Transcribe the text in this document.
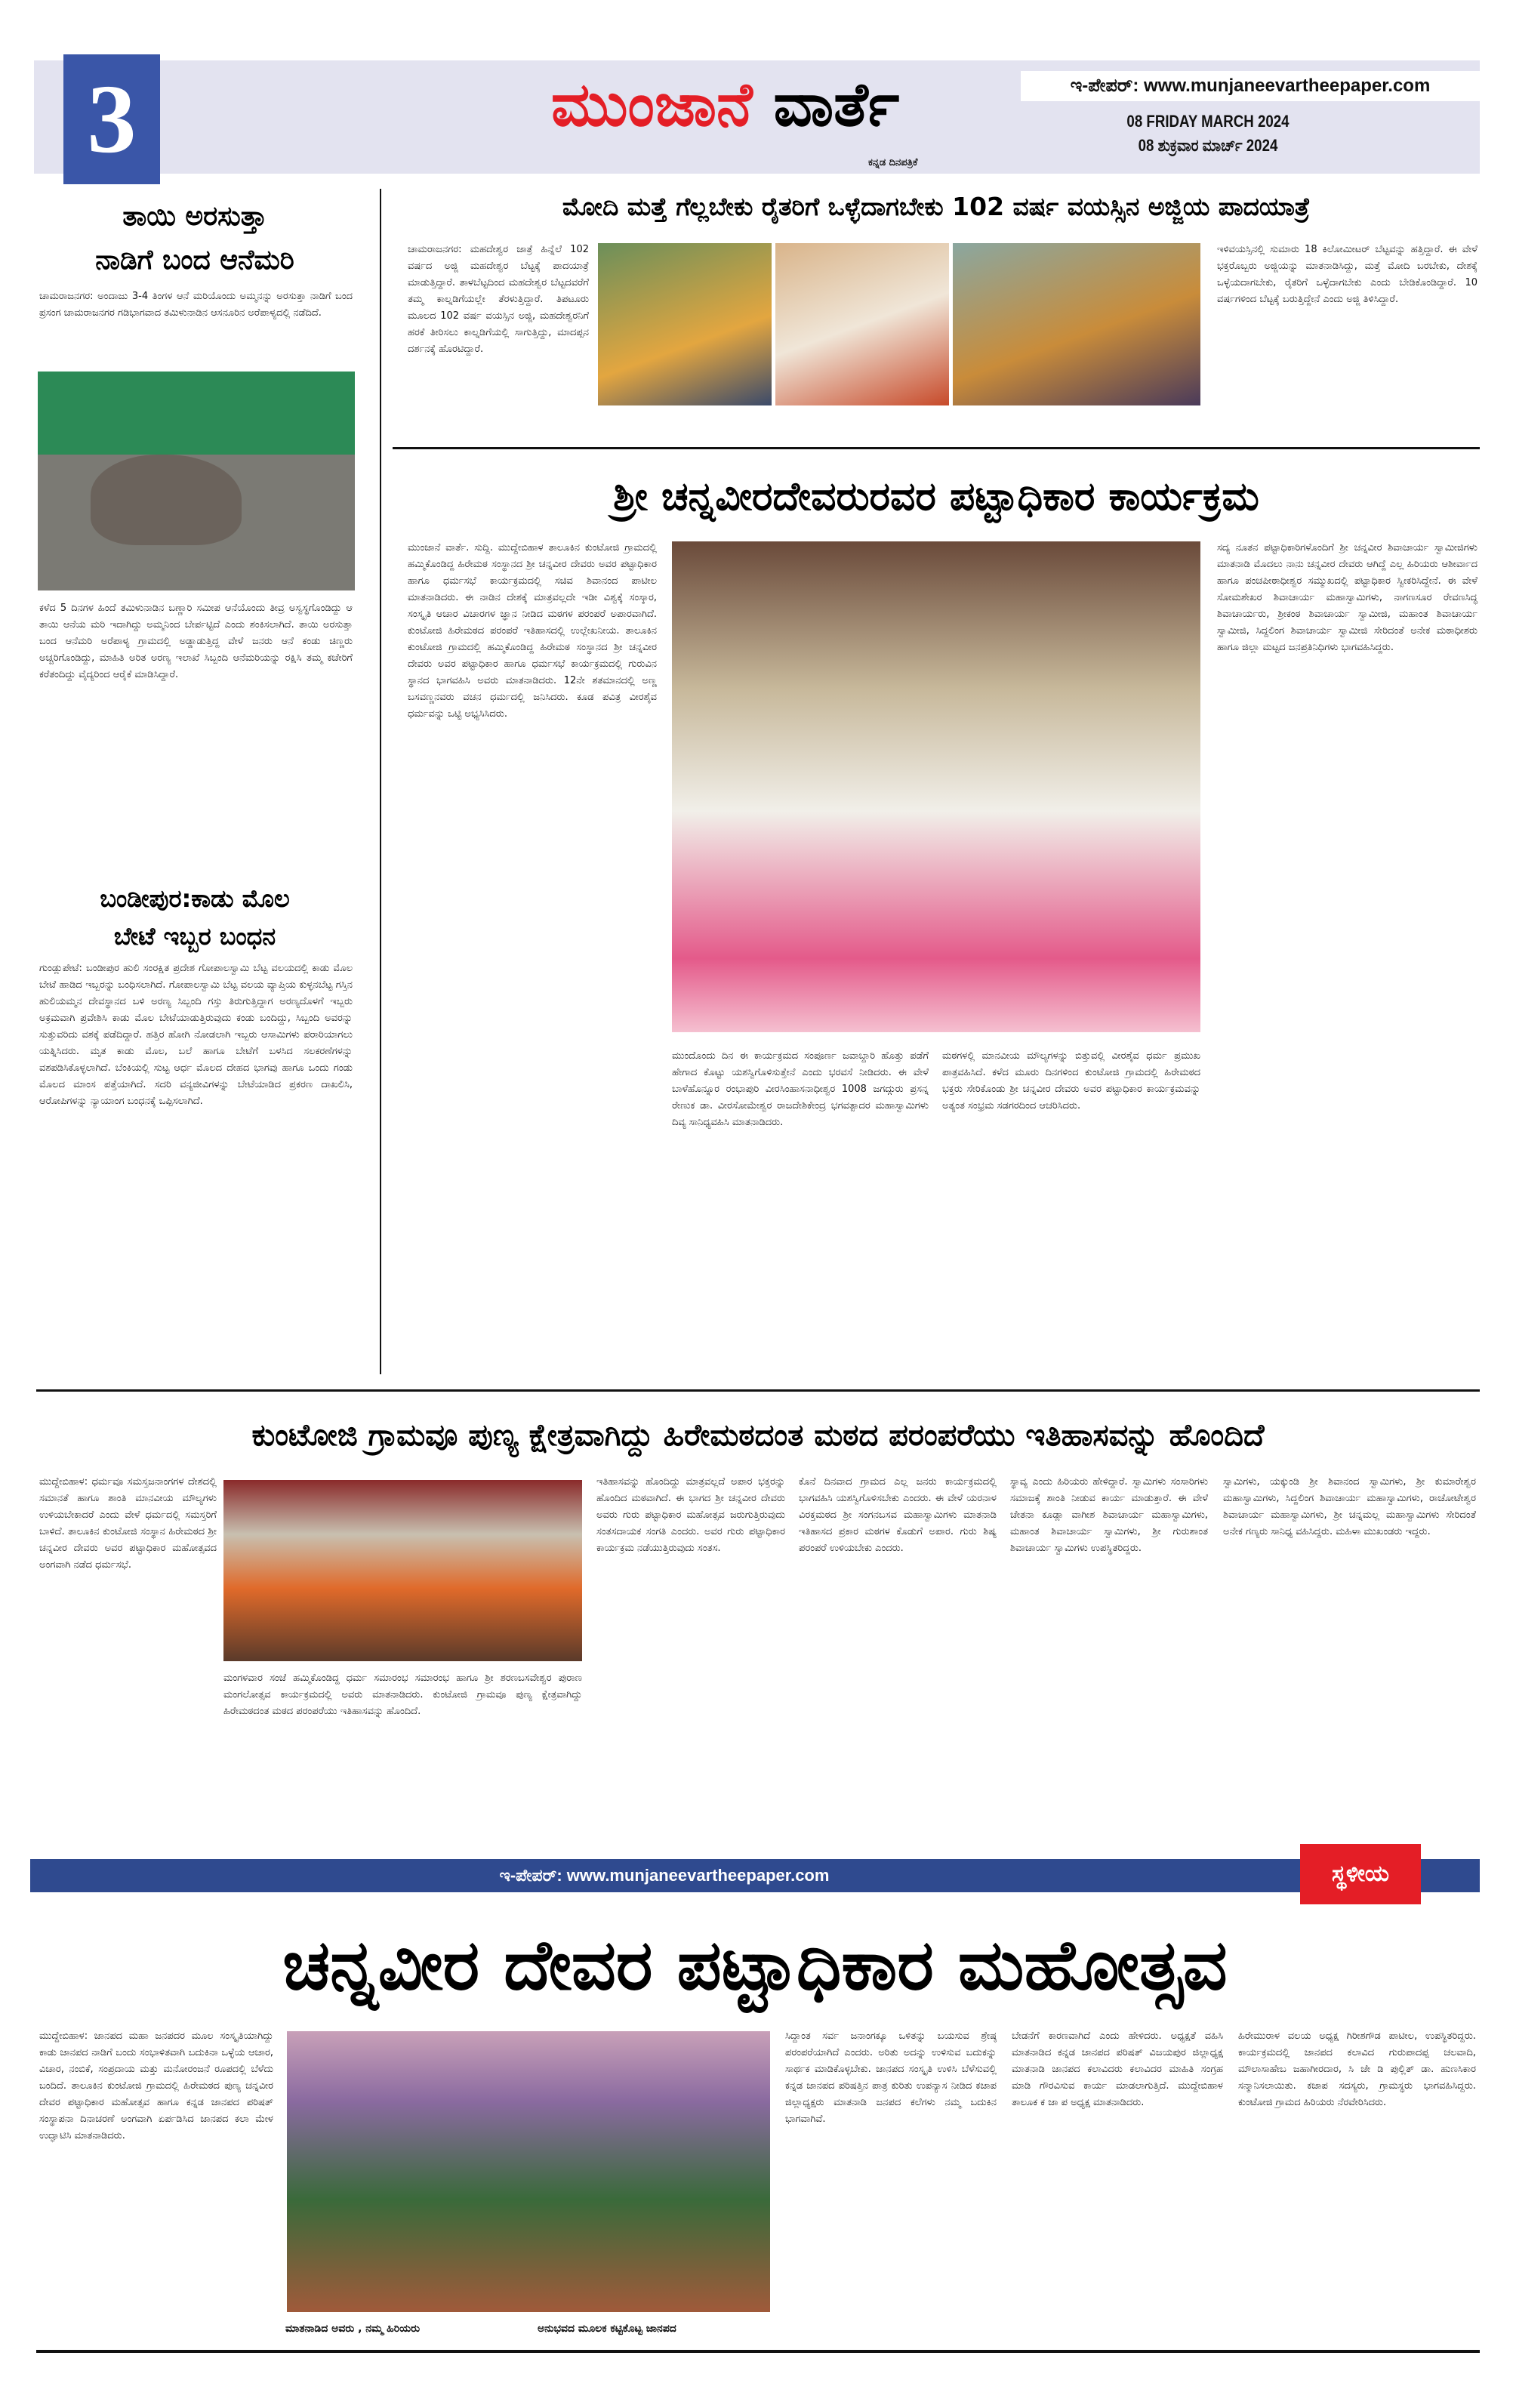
3	ಮುಂಜಾನೆ ವಾರ್ತೆ
ಕನ್ನಡ ದಿನಪತ್ರಿಕೆ
ಇ-ಪೇಪರ್: www.munjaneevartheepaper.com
08 FRIDAY MARCH 2024
08 ಶುಕ್ರವಾರ ಮಾರ್ಚ್ 2024
ತಾಯಿ ಅರಸುತ್ತಾ
ನಾಡಿಗೆ ಬಂದ ಆನೆಮರಿ
ಚಾಮರಾಜನಗರ: ಅಂದಾಜು 3-4 ತಿಂಗಳ ಆನೆ ಮರಿಯೊಂದು ಅಮ್ಮನನ್ನು ಅರಸುತ್ತಾ ನಾಡಿಗೆ ಬಂದ ಪ್ರಸಂಗ ಚಾಮರಾಜನಗರ ಗಡಿಭಾಗವಾದ ತಮಿಳುನಾಡಿನ ಆಸನೂರಿನ ಅರೆಪಾಳ್ಯದಲ್ಲಿ ನಡೆದಿದೆ.
ಕಳೆದ 5 ದಿನಗಳ ಹಿಂದೆ ತಮಿಳುನಾಡಿನ ಬಣ್ಣಾರಿ ಸಮೀಪ ಆನೆಯೊಂದು ತೀವ್ರ ಅಸ್ವಸ್ಥಗೊಂಡಿದ್ದು ಆ ತಾಯಿ ಆನೆಯ ಮರಿ ಇದಾಗಿದ್ದು ಅಮ್ಮನಿಂದ ಬೇರ್ಪಟ್ಟಿದೆ ಎಂದು ಶಂಕಿಸಲಾಗಿದೆ. ತಾಯಿ ಅರಸುತ್ತಾ ಬಂದ ಆನೆಮರಿ ಅರೆಪಾಳ್ಯ ಗ್ರಾಮದಲ್ಲಿ ಅಡ್ಡಾಡುತ್ತಿದ್ದ ವೇಳೆ ಜನರು ಆನೆ ಕಂಡು ಚಿಣ್ಣರು ಅಚ್ಚರಿಗೊಂಡಿದ್ದು, ಮಾಹಿತಿ ಅರಿತ ಅರಣ್ಯ ಇಲಾಖೆ ಸಿಬ್ಬಂದಿ ಆನೆಮರಿಯನ್ನು ರಕ್ಷಿಸಿ ತಮ್ಮ ಕಚೇರಿಗೆ ಕರೆತಂದಿದ್ದು ವೈದ್ಯರಿಂದ ಆರೈಕೆ ಮಾಡಿಸಿದ್ದಾರೆ.
ಬಂಡೀಪುರ:ಕಾಡು ಮೊಲ
ಬೇಟೆ ಇಬ್ಬರ ಬಂಧನ
ಗುಂಡ್ಲುಪೇಟೆ: ಬಂಡೀಪುರ ಹುಲಿ ಸಂರಕ್ಷಿತ ಪ್ರದೇಶ ಗೋಪಾಲಸ್ವಾಮಿ ಬೆಟ್ಟ ವಲಯದಲ್ಲಿ ಕಾಡು ಮೊಲ ಬೇಟೆ ಹಾಡಿದ ಇಬ್ಬರನ್ನು ಬಂಧಿಸಲಾಗಿದೆ. ಗೋಪಾಲಸ್ವಾಮಿ ಬೆಟ್ಟ ವಲಯ ವ್ಯಾಪ್ತಿಯ ಕುಳ್ಳನಬೆಟ್ಟ ಗಸ್ತಿನ ಹುಲಿಯಮ್ಮನ ದೇವಸ್ಥಾನದ ಬಳಿ ಅರಣ್ಯ ಸಿಬ್ಬಂದಿ ಗಸ್ತು ತಿರುಗುತ್ತಿದ್ದಾಗ ಅರಣ್ಯದೊಳಗೆ ಇಬ್ಬರು ಅಕ್ರಮವಾಗಿ ಪ್ರವೇಶಿಸಿ ಕಾಡು ಮೊಲ ಬೇಟೆಯಾಡುತ್ತಿರುವುದು ಕಂಡು ಬಂದಿದ್ದು, ಸಿಬ್ಬಂದಿ ಅವರನ್ನು ಸುತ್ತುವರಿದು ವಶಕ್ಕೆ ಪಡೆದಿದ್ದಾರೆ. ಹತ್ತಿರ ಹೋಗಿ ನೋಡಲಾಗಿ ಇಬ್ಬರು ಆಸಾಮಿಗಳು ಪರಾರಿಯಾಗಲು ಯತ್ನಿಸಿದರು. ಮೃತ ಕಾಡು ಮೊಲ, ಬಲೆ ಹಾಗೂ ಬೇಟೆಗೆ ಬಳಸಿದ ಸಲಕರಣೆಗಳನ್ನು ವಶಪಡಿಸಿಕೊಳ್ಳಲಾಗಿದೆ. ಬೆಂಕಿಯಲ್ಲಿ ಸುಟ್ಟ ಆರ್ಧ ಮೊಲದ ದೇಹದ ಭಾಗವು ಹಾಗೂ ಒಂದು ಗಂಡು ಮೊಲದ ಮಾಂಸ ಪತ್ತೆಯಾಗಿದೆ. ಸದರಿ ವನ್ಯಜೀವಿಗಳನ್ನು ಬೇಟೆಯಾಡಿದ ಪ್ರಕರಣ ದಾಖಲಿಸಿ, ಆರೋಪಿಗಳನ್ನು ನ್ಯಾಯಾಂಗ ಬಂಧನಕ್ಕೆ ಒಪ್ಪಿಸಲಾಗಿದೆ.
ಮೋದಿ ಮತ್ತೆ ಗೆಲ್ಲಬೇಕು ರೈತರಿಗೆ ಒಳ್ಳೆದಾಗಬೇಕು 102 ವರ್ಷ ವಯಸ್ಸಿನ ಅಜ್ಜಿಯ ಪಾದಯಾತ್ರೆ
ಚಾಮರಾಜನಗರ: ಮಹದೇಶ್ವರ ಜಾತ್ರೆ ಹಿನ್ನೆಲೆ 102 ವರ್ಷದ ಅಜ್ಜಿ ಮಹದೇಶ್ವರ ಬೆಟ್ಟಕ್ಕೆ ಪಾದಯಾತ್ರೆ ಮಾಡುತ್ತಿದ್ದಾರೆ. ತಾಳಬೆಟ್ಟದಿಂದ ಮಹದೇಶ್ವರ ಬೆಟ್ಟದವರೆಗೆ ತಮ್ಮ ಕಾಲ್ನಡಿಗೆಯಲ್ಲೇ ತೆರಳುತ್ತಿದ್ದಾರೆ. ತಿಪಟೂರು ಮೂಲದ 102 ವರ್ಷ ವಯಸ್ಸಿನ ಅಜ್ಜಿ, ಮಹದೇಶ್ವರನಿಗೆ ಹರಕೆ ತೀರಿಸಲು ಕಾಲ್ನಡಿಗೆಯಲ್ಲಿ ಸಾಗುತ್ತಿದ್ದು, ಮಾದಪ್ಪನ ದರ್ಶನಕ್ಕೆ ಹೊರಟಿದ್ದಾರೆ.
ಇಳಿವಯಸ್ಸಿನಲ್ಲಿ ಸುಮಾರು 18 ಕಿಲೋಮೀಟರ್ ಬೆಟ್ಟವನ್ನು ಹತ್ತಿದ್ದಾರೆ. ಈ ವೇಳೆ ಭಕ್ತರೊಬ್ಬರು ಅಜ್ಜಿಯನ್ನು ಮಾತನಾಡಿಸಿದ್ದು, ಮತ್ತೆ ಮೋದಿ ಬರಬೇಕು, ದೇಶಕ್ಕೆ ಒಳ್ಳೆಯದಾಗಬೇಕು, ರೈತರಿಗೆ ಒಳ್ಳೆದಾಗಬೇಕು ಎಂದು ಬೇಡಿಕೊಂಡಿದ್ದಾರೆ. 10 ವರ್ಷಗಳಿಂದ ಬೆಟ್ಟಕ್ಕೆ ಬರುತ್ತಿದ್ದೇನೆ ಎಂದು ಅಜ್ಜಿ ತಿಳಿಸಿದ್ದಾರೆ.
ಶ್ರೀ ಚನ್ನವೀರದೇವರುರವರ ಪಟ್ಟಾಧಿಕಾರ ಕಾರ್ಯಕ್ರಮ
ಮುಂಜಾನೆ ವಾರ್ತೆ. ಸುದ್ದಿ. ಮುದ್ದೇಬಿಹಾಳ ತಾಲೂಕಿನ ಕುಂಟೋಜಿ ಗ್ರಾಮದಲ್ಲಿ ಹಮ್ಮಿಕೊಂಡಿದ್ದ ಹಿರೇಮಠ ಸಂಸ್ಥಾನದ ಶ್ರೀ ಚನ್ನವೀರ ದೇವರು ಅವರ ಪಟ್ಟಾಧಿಕಾರ ಹಾಗೂ ಧರ್ಮಸಭೆ ಕಾರ್ಯಕ್ರಮದಲ್ಲಿ ಸಚಿವ ಶಿವಾನಂದ ಪಾಟೀಲ ಮಾತನಾಡಿದರು. ಈ ನಾಡಿನ ದೇಶಕ್ಕೆ ಮಾತ್ರವಲ್ಲದೇ ಇಡೀ ವಿಶ್ವಕ್ಕೆ ಸಂಸ್ಕಾರ, ಸಂಸ್ಕೃತಿ ಆಚಾರ ವಿಚಾರಗಳ ಜ್ಞಾನ ನೀಡಿದ ಮಠಗಳ ಪರಂಪರೆ ಅಪಾರವಾಗಿದೆ. ಕುಂಟೋಜಿ ಹಿರೇಮಠದ ಪರಂಪರೆ ಇತಿಹಾಸದಲ್ಲಿ ಉಲ್ಲೇಖನೀಯ. ತಾಲೂಕಿನ ಕುಂಟೋಜಿ ಗ್ರಾಮದಲ್ಲಿ ಹಮ್ಮಿಕೊಂಡಿದ್ದ ಹಿರೇಮಠ ಸಂಸ್ಥಾನದ ಶ್ರೀ ಚನ್ನವೀರ ದೇವರು ಅವರ ಪಟ್ಟಾಧಿಕಾರ ಹಾಗೂ ಧರ್ಮಸಭೆ ಕಾರ್ಯಕ್ರಮದಲ್ಲಿ ಗುರುವಿನ ಸ್ಥಾನದ ಭಾಗವಹಿಸಿ ಅವರು ಮಾತನಾಡಿದರು. 12ನೇ ಶತಮಾನದಲ್ಲಿ ಅಣ್ಣ ಬಸವಣ್ಣನವರು ವಚನ ಧರ್ಮದಲ್ಲಿ ಜನಿಸಿದರು. ಕೂಡ ಪವಿತ್ರ ವೀರಶೈವ ಧರ್ಮವನ್ನು ಒಟ್ಟಿ ಅಭ್ಯಸಿಸಿದರು.
ಮುಂದೊಂದು ದಿನ ಈ ಕಾರ್ಯಕ್ರಮದ ಸಂಪೂರ್ಣ ಜವಾಬ್ದಾರಿ ಹೊತ್ತು ಪಡೆಗೆ ಹೇಗಾದ ಕೊಟ್ಟು ಯಶಸ್ವಿಗೊಳಿಸುತ್ತೇನೆ ಎಂದು ಭರವಸೆ ನೀಡಿದರು. ಈ ವೇಳೆ ಬಾಳೆಹೊನ್ನೂರ ರಂಭಾಪುರಿ ವೀರಸಿಂಹಾಸನಾಧೀಶ್ವರ 1008 ಜಗದ್ಗುರು ಪ್ರಸನ್ನ ರೇಣುಕ ಡಾ. ವೀರಸೋಮೇಶ್ವರ ರಾಜದೇಶಿಕೇಂದ್ರ ಭಗವತ್ಪಾದರ ಮಹಾಸ್ವಾಮಿಗಳು ದಿವ್ಯ ಸಾನಿಧ್ಯವಹಿಸಿ ಮಾತನಾಡಿದರು.
ಮಠಗಳಲ್ಲಿ ಮಾನವೀಯ ಮೌಲ್ಯಗಳನ್ನು ಬಿತ್ತುವಲ್ಲಿ ವೀರಶೈವ ಧರ್ಮ ಪ್ರಮುಖ ಪಾತ್ರವಹಿಸಿದೆ. ಕಳೆದ ಮೂರು ದಿನಗಳಿಂದ ಕುಂಟೋಜಿ ಗ್ರಾಮದಲ್ಲಿ ಹಿರೇಮಠದ ಭಕ್ತರು ಸೇರಿಕೊಂಡು ಶ್ರೀ ಚನ್ನವೀರ ದೇವರು ಅವರ ಪಟ್ಟಾಧಿಕಾರ ಕಾರ್ಯಕ್ರಮವನ್ನು ಅತ್ಯಂತ ಸಂಭ್ರಮ ಸಡಗರದಿಂದ ಆಚರಿಸಿದರು.
ಸದ್ಯ ನೂತನ ಪಟ್ಟಾಧಿಕಾರಿಗಳೊಂದಿಗೆ ಶ್ರೀ ಚನ್ನವೀರ ಶಿವಾಚಾರ್ಯ ಸ್ವಾಮೀಜಿಗಳು ಮಾತನಾಡಿ ಮೊದಲು ನಾನು ಚನ್ನವೀರ ದೇವರು ಆಗಿದ್ದೆ ಎಲ್ಲ ಹಿರಿಯರು ಆಶೀರ್ವಾದ ಹಾಗೂ ಪಂಚಪೀಠಾಧೀಶ್ವರ ಸಮ್ಮುಖದಲ್ಲಿ ಪಟ್ಟಾಧಿಕಾರ ಸ್ವೀಕರಿಸಿದ್ದೇನೆ. ಈ ವೇಳೆ ಸೋಮಶೇಖರ ಶಿವಾಚಾರ್ಯ ಮಹಾಸ್ವಾಮಿಗಳು, ನಾಗಣಸೂರ ರೇವಣಸಿದ್ಧ ಶಿವಾಚಾರ್ಯರು, ಶ್ರೀಕಂಠ ಶಿವಾಚಾರ್ಯ ಸ್ವಾಮೀಜಿ, ಮಹಾಂತ ಶಿವಾಚಾರ್ಯ ಸ್ವಾಮೀಜಿ, ಸಿದ್ದಲಿಂಗ ಶಿವಾಚಾರ್ಯ ಸ್ವಾಮೀಜಿ ಸೇರಿದಂತೆ ಅನೇಕ ಮಠಾಧೀಶರು ಹಾಗೂ ಜಿಲ್ಲಾ ಮಟ್ಟದ ಜನಪ್ರತಿನಿಧಿಗಳು ಭಾಗವಹಿಸಿದ್ದರು.
ಕುಂಟೋಜಿ ಗ್ರಾಮವೂ ಪುಣ್ಯ ಕ್ಷೇತ್ರವಾಗಿದ್ದು ಹಿರೇಮಠದಂತ ಮಠದ ಪರಂಪರೆಯು ಇತಿಹಾಸವನ್ನು ಹೊಂದಿದೆ
ಮುದ್ದೇಬಿಹಾಳ: ಧರ್ಮವೂ ಸಮಸ್ತಜನಾಂಗಗಳ ದೇಶದಲ್ಲಿ ಸಮಾನತೆ ಹಾಗೂ ಶಾಂತಿ ಮಾನವೀಯ ಮೌಲ್ಯಗಳು ಉಳಿಯಬೇಕಾದರೆ ಎಂದು ವೇಳೆ ಧರ್ಮದಲ್ಲಿ ಸಮಸ್ತರಿಗೆ ಬಾಳಿದೆ. ತಾಲೂಕಿನ ಕುಂಟೋಜಿ ಸಂಸ್ಥಾನ ಹಿರೇಮಠದ ಶ್ರೀ ಚನ್ನವೀರ ದೇವರು ಅವರ ಪಟ್ಟಾಧಿಕಾರ ಮಹೋತ್ಸವದ ಅಂಗವಾಗಿ ನಡೆದ ಧರ್ಮಸಭೆ.
ಮಂಗಳವಾರ ಸಂಜೆ ಹಮ್ಮಿಕೊಂಡಿದ್ದ ಧರ್ಮ ಸಮಾರಂಭ ಸಮಾರಂಭ ಹಾಗೂ ಶ್ರೀ ಶರಣಬಸವೇಶ್ವರ ಪುರಾಣ ಮಂಗಲೋತ್ಸವ ಕಾರ್ಯಕ್ರಮದಲ್ಲಿ ಅವರು ಮಾತನಾಡಿದರು. ಕುಂಟೋಜಿ ಗ್ರಾಮವೂ ಪುಣ್ಯ ಕ್ಷೇತ್ರವಾಗಿದ್ದು ಹಿರೇಮಠದಂತ ಮಠದ ಪರಂಪರೆಯು ಇತಿಹಾಸವನ್ನು ಹೊಂದಿದೆ.
ಇತಿಹಾಸವನ್ನು ಹೊಂದಿದ್ದು ಮಾತ್ರವಲ್ಲದೆ ಅಪಾರ ಭಕ್ತರನ್ನು ಹೊಂದಿದ ಮಠವಾಗಿದೆ. ಈ ಭಾಗದ ಶ್ರೀ ಚನ್ನವೀರ ದೇವರು ಅವರು ಗುರು ಪಟ್ಟಾಧಿಕಾರ ಮಹೋತ್ಸವ ಜರುಗುತ್ತಿರುವುದು ಸಂತಸದಾಯಕ ಸಂಗತಿ ಎಂದರು. ಅವರ ಗುರು ಪಟ್ಟಾಧಿಕಾರ ಕಾರ್ಯಕ್ರಮ ನಡೆಯುತ್ತಿರುವುದು ಸಂತಸ.
ಕೊನೆ ದಿನವಾದ ಗ್ರಾಮದ ಎಲ್ಲ ಜನರು ಕಾರ್ಯಕ್ರಮದಲ್ಲಿ ಭಾಗವಹಿಸಿ ಯಶಸ್ವಿಗೊಳಿಸಬೇಕು ಎಂದರು. ಈ ವೇಳೆ ಯರನಾಳ ವಿರಕ್ತಮಠದ ಶ್ರೀ ಸಂಗನಬಸವ ಮಹಾಸ್ವಾಮಿಗಳು ಮಾತನಾಡಿ ಇತಿಹಾಸದ ಪ್ರಕಾರ ಮಠಗಳ ಕೊಡುಗೆ ಅಪಾರ. ಗುರು ಶಿಷ್ಯ ಪರಂಪರೆ ಉಳಿಯಬೇಕು ಎಂದರು.
ಸ್ಥಾವ್ಯ ಎಂದು ಹಿರಿಯರು ಹೇಳಿದ್ದಾರೆ. ಸ್ವಾಮಿಗಳು ಸಂಸಾರಿಗಳು ಸಮಾಜಕ್ಕೆ ಶಾಂತಿ ನೀಡುವ ಕಾರ್ಯ ಮಾಡುತ್ತಾರೆ. ಈ ವೇಳೆ ಚೇತನಾ ಕೂಡ್ಲಾ ವಾಗೀಶ ಶಿವಾಚಾರ್ಯ ಮಹಾಸ್ವಾಮಿಗಳು, ಮಹಾಂತ ಶಿವಾಚಾರ್ಯ ಸ್ವಾಮಿಗಳು, ಶ್ರೀ ಗುರುಶಾಂತ ಶಿವಾಚಾರ್ಯ ಸ್ವಾಮಿಗಳು ಉಪಸ್ಥಿತರಿದ್ದರು.
ಸ್ವಾಮಿಗಳು, ಯಕ್ಕುಂಡಿ ಶ್ರೀ ಶಿವಾನಂದ ಸ್ವಾಮಿಗಳು, ಶ್ರೀ ಕುಮಾರೇಶ್ವರ ಮಹಾಸ್ವಾಮಿಗಳು, ಸಿದ್ದಲಿಂಗ ಶಿವಾಚಾರ್ಯ ಮಹಾಸ್ವಾಮಿಗಳು, ರಾಚೋಟೇಶ್ವರ ಶಿವಾಚಾರ್ಯ ಮಹಾಸ್ವಾಮಿಗಳು, ಶ್ರೀ ಚನ್ನಮಲ್ಲ ಮಹಾಸ್ವಾಮಿಗಳು ಸೇರಿದಂತೆ ಅನೇಕ ಗಣ್ಯರು ಸಾನಿಧ್ಯ ವಹಿಸಿದ್ದರು. ಮಹಿಳಾ ಮುಖಂಡರು ಇದ್ದರು.
ಇ-ಪೇಪರ್: www.munjaneevartheepaper.com	ಸ್ಥಳೀಯ
ಚನ್ನವೀರ ದೇವರ ಪಟ್ಟಾಧಿಕಾರ ಮಹೋತ್ಸವ
ಮುದ್ದೇಬಿಹಾಳ: ಜಾನಪದ ಮಹಾ ಜನಪದರ ಮೂಲ ಸಂಸ್ಕೃತಿಯಾಗಿದ್ದು ಕಾಡು ಜಾನಪದ ನಾಡಿಗೆ ಬಂದು ಸಂಭಾಳಿತವಾಗಿ ಬದುಕಿನಾ ಒಳ್ಳೆಯ ಆಚಾರ, ವಿಚಾರ, ನಂಬಿಕೆ, ಸಂಪ್ರದಾಯ ಮತ್ತು ಮನೋರಂಜನೆ ರೂಪದಲ್ಲಿ ಬೆಳೆದು ಬಂದಿದೆ. ತಾಲೂಕಿನ ಕುಂಟೋಜಿ ಗ್ರಾಮದಲ್ಲಿ ಹಿರೇಮಠದ ಪುಣ್ಯ ಚನ್ನವೀರ ದೇವರ ಪಟ್ಟಾಧಿಕಾರ ಮಹೋತ್ಸವ ಹಾಗೂ ಕನ್ನಡ ಜಾನಪದ ಪರಿಷತ್ ಸಂಸ್ಥಾಪನಾ ದಿನಾಚರಣೆ ಅಂಗವಾಗಿ ಏರ್ಪಡಿಸಿದ ಜಾನಪದ ಕಲಾ ಮೇಳ ಉದ್ಘಾಟಿಸಿ ಮಾತನಾಡಿದರು.
ಮಾತನಾಡಿದ ಅವರು , ನಮ್ಮ ಹಿರಿಯರು	ಅನುಭವದ ಮೂಲಕ ಕಟ್ಟಿಕೊಟ್ಟ ಜಾನಪದ
ಸಿದ್ದಾಂತ ಸರ್ವ ಜನಾಂಗಕ್ಕೂ ಒಳಿತನ್ನು ಬಯಸುವ ಶ್ರೇಷ್ಠ ಪರಂಪರೆಯಾಗಿದೆ ಎಂದರು. ಅರಿತು ಅದನ್ನು ಉಳಿಸುವ ಬದುಕನ್ನು ಸಾರ್ಥಕ ಮಾಡಿಕೊಳ್ಳಬೇಕು. ಜಾನಪದ ಸಂಸ್ಕೃತಿ ಉಳಿಸಿ ಬೆಳೆಸುವಲ್ಲಿ ಕನ್ನಡ ಜಾನಪದ ಪರಿಷತ್ತಿನ ಪಾತ್ರ ಕುರಿತು ಉಪನ್ಯಾಸ ನೀಡಿದ ಕಜಾಪ ಜಿಲ್ಲಾಧ್ಯಕ್ಷರು ಮಾತನಾಡಿ ಜನಪದ ಕಲೆಗಳು ನಮ್ಮ ಬದುಕಿನ ಭಾಗವಾಗಿವೆ.
ಬೇಡನೆಗೆ ಕಾರಣವಾಗಿದೆ ಎಂದು ಹೇಳಿದರು. ಅಧ್ಯಕ್ಷತೆ ವಹಿಸಿ ಮಾತನಾಡಿದ ಕನ್ನಡ ಜಾನಪದ ಪರಿಷತ್ ವಿಜಯಪುರ ಜಿಲ್ಲಾಧ್ಯಕ್ಷ ಮಾತನಾಡಿ ಜಾನಪದ ಕಲಾವಿದರು ಕಲಾವಿದರ ಮಾಹಿತಿ ಸಂಗ್ರಹ ಮಾಡಿ ಗೌರವಿಸುವ ಕಾರ್ಯ ಮಾಡಲಾಗುತ್ತಿದೆ. ಮುದ್ದೇಬಿಹಾಳ ತಾಲೂಕ ಕ ಜಾ ಪ ಅಧ್ಯಕ್ಷ ಮಾತನಾಡಿದರು.
ಹಿರೇಮುರಾಳ ವಲಯ ಅಧ್ಯಕ್ಷ ಗಿರೀಶಗೌಡ ಪಾಟೀಲ, ಉಪಸ್ಥಿತರಿದ್ದರು. ಕಾರ್ಯಕ್ರಮದಲ್ಲಿ ಜಾನಪದ ಕಲಾವಿದ ಗುರುಪಾದಪ್ಪ ಚಲವಾದಿ, ಮೌಲಾಸಾಹೇಬ ಜಹಾಗೀರದಾರ, ಸಿ ಜೇ ಡಿ ಪುಲ್ಲಿತ್ ಡಾ. ಹುಣಸಿಕಾರ ಸನ್ಮಾನಿಸಲಾಯಿತು. ಕಜಾಪ ಸದಸ್ಯರು, ಗ್ರಾಮಸ್ಥರು ಭಾಗವಹಿಸಿದ್ದರು. ಕುಂಟೋಜಿ ಗ್ರಾಮದ ಹಿರಿಯರು ನೆರವೇರಿಸಿದರು.
